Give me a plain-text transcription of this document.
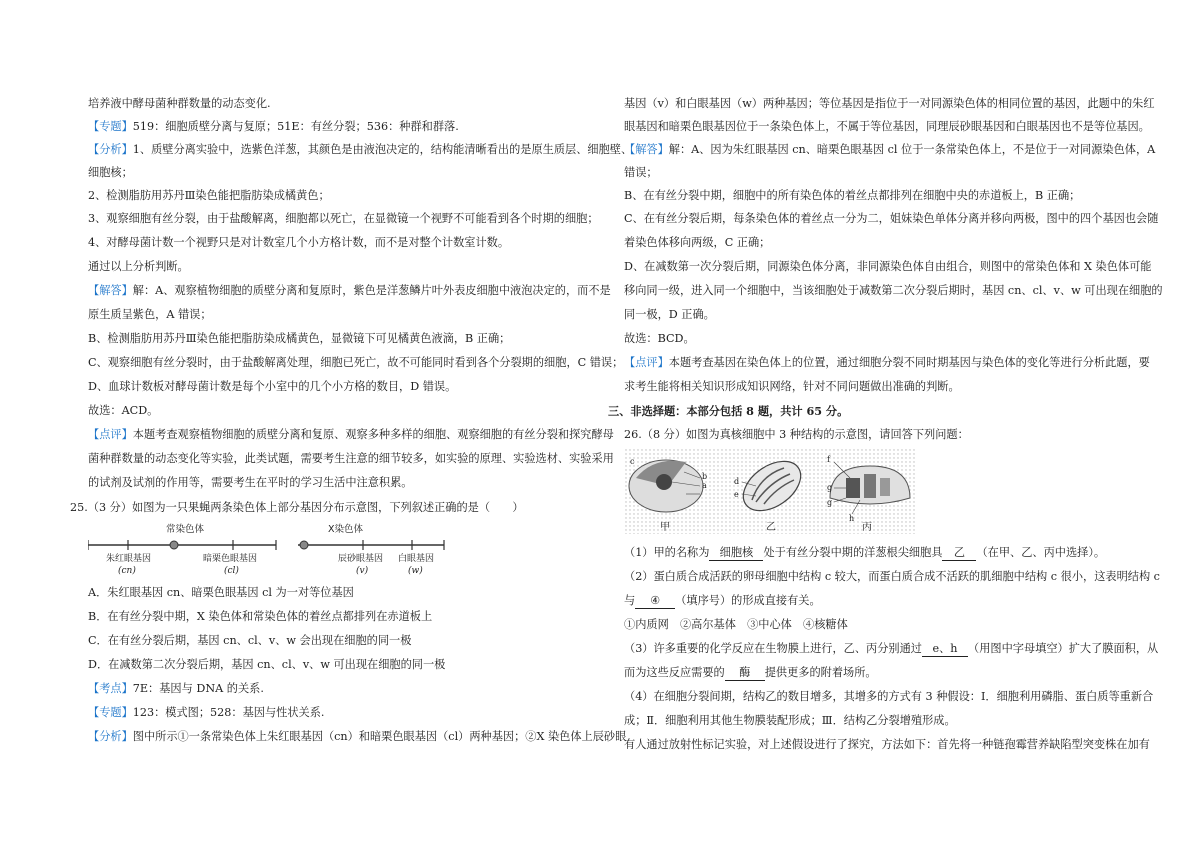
培养液中酵母菌种群数量的动态变化.
【专题】519：细胞质壁分离与复原；51E：有丝分裂；536：种群和群落.
【分析】1、质壁分离实验中，选紫色洋葱，其颜色是由液泡决定的，结构能清晰看出的是原生质层、细胞壁、
细胞核；
2、检测脂肪用苏丹Ⅲ染色能把脂肪染成橘黄色；
3、观察细胞有丝分裂，由于盐酸解离，细胞都以死亡，在显微镜一个视野不可能看到各个时期的细胞；
4、对酵母菌计数一个视野只是对计数室几个小方格计数，而不是对整个计数室计数。
通过以上分析判断。
【解答】解：A、观察植物细胞的质壁分离和复原时，紫色是洋葱鳞片叶外表皮细胞中液泡决定的，而不是
原生质呈紫色，A 错误；
B、检测脂肪用苏丹Ⅲ染色能把脂肪染成橘黄色，显微镜下可见橘黄色液滴，B 正确；
C、观察细胞有丝分裂时，由于盐酸解离处理，细胞已死亡，故不可能同时看到各个分裂期的细胞，C 错误；
D、血球计数板对酵母菌计数是每个小室中的几个小方格的数目，D 错误。
故选：ACD。
【点评】本题考查观察植物细胞的质壁分离和复原、观察多种多样的细胞、观察细胞的有丝分裂和探究酵母
菌种群数量的动态变化等实验，此类试题，需要考生注意的细节较多，如实验的原理、实验选材、实验采用
的试剂及试剂的作用等，需要考生在平时的学习生活中注意积累。
25.（3 分）如图为一只果蝇两条染色体上部分基因分布示意图，下列叙述正确的是（　　）
常染色体	X染色体
朱红眼基因
(cn)
暗栗色眼基因
(cl)
辰砂眼基因
(v)
白眼基因
(w)
A．朱红眼基因 cn、暗栗色眼基因 cl 为一对等位基因
B．在有丝分裂中期，X 染色体和常染色体的着丝点都排列在赤道板上
C．在有丝分裂后期，基因 cn、cl、v、w 会出现在细胞的同一极
D．在减数第二次分裂后期，基因 cn、cl、v、w 可出现在细胞的同一极
【考点】7E：基因与 DNA 的关系.
【专题】123：模式图；528：基因与性状关系.
【分析】图中所示①一条常染色体上朱红眼基因（cn）和暗栗色眼基因（cl）两种基因；②X 染色体上辰砂眼
基因（v）和白眼基因（w）两种基因；等位基因是指位于一对同源染色体的相同位置的基因，此题中的朱红
眼基因和暗栗色眼基因位于一条染色体上，不属于等位基因，同理辰砂眼基因和白眼基因也不是等位基因。
【解答】解：A、因为朱红眼基因 cn、暗栗色眼基因 cl 位于一条常染色体上，不是位于一对同源染色体，A
错误；
B、在有丝分裂中期，细胞中的所有染色体的着丝点都排列在细胞中央的赤道板上，B 正确；
C、在有丝分裂后期，每条染色体的着丝点一分为二，姐妹染色单体分离并移向两极，图中的四个基因也会随
着染色体移向两级，C 正确；
D、在减数第一次分裂后期，同源染色体分离，非同源染色体自由组合，则图中的常染色体和 X 染色体可能
移向同一级，进入同一个细胞中，当该细胞处于减数第二次分裂后期时，基因 cn、cl、v、w 可出现在细胞的
同一极，D 正确。
故选：BCD。
【点评】本题考查基因在染色体上的位置，通过细胞分裂不同时期基因与染色体的变化等进行分析此题，要
求考生能将相关知识形成知识网络，针对不同问题做出准确的判断。
三、非选择题：本部分包括 8 题，共计 65 分。
26.（8 分）如图为真核细胞中 3 种结构的示意图，请回答下列问题：
c
b
a
甲
d
e
乙
f
g
g
h
丙
（1）甲的名称为 细胞核 处于有丝分裂中期的洋葱根尖细胞具 乙 （在甲、乙、丙中选择）。
（2）蛋白质合成活跃的卵母细胞中结构 c 较大，而蛋白质合成不活跃的肌细胞中结构 c 很小，这表明结构 c
与 ④ （填序号）的形成直接有关。
①内质网　②高尔基体　③中心体　④核糖体
（3）许多重要的化学反应在生物膜上进行，乙、丙分别通过 e、h （用图中字母填空）扩大了膜面积，从
而为这些反应需要的 酶 提供更多的附着场所。
（4）在细胞分裂间期，结构乙的数目增多，其增多的方式有 3 种假设：Ⅰ．细胞利用磷脂、蛋白质等重新合
成；Ⅱ．细胞利用其他生物膜装配形成；Ⅲ．结构乙分裂增殖形成。
有人通过放射性标记实验，对上述假设进行了探究，方法如下：首先将一种链孢霉营养缺陷型突变株在加有
